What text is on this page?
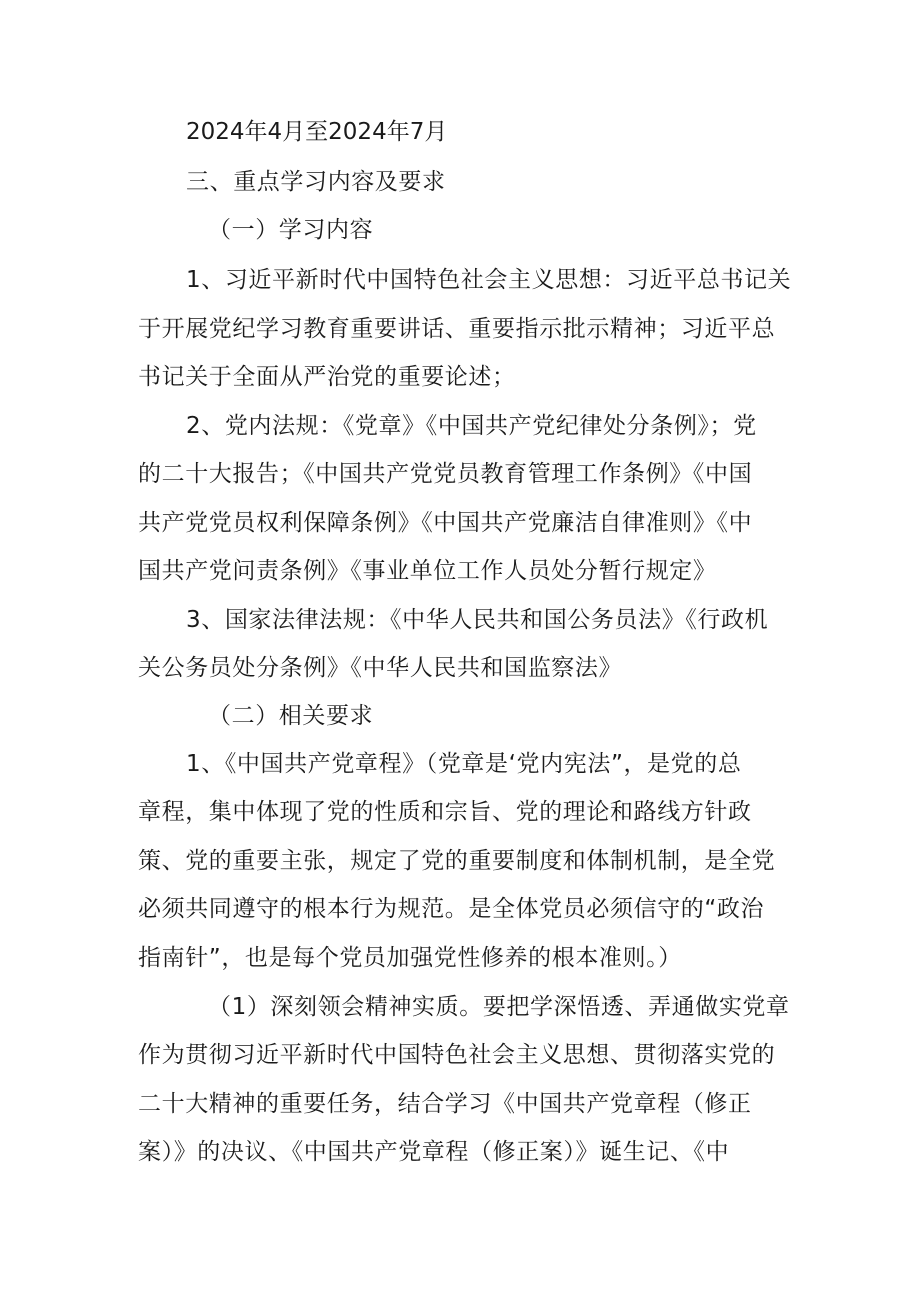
2024年4月至2024年7月
三、重点学习内容及要求
（一）学习内容
1、习近平新时代中国特色社会主义思想：习近平总书记关
于开展党纪学习教育重要讲话、重要指示批示精神；习近平总
书记关于全面从严治党的重要论述；
2、党内法规：《党章》《中国共产党纪律处分条例》；党
的二十大报告；《中国共产党党员教育管理工作条例》《中国
共产党党员权利保障条例》《中国共产党廉洁自律准则》《中
国共产党问责条例》《事业单位工作人员处分暂行规定》
3、国家法律法规：《中华人民共和国公务员法》《行政机
关公务员处分条例》《中华人民共和国监察法》
（二）相关要求
1、《中国共产党章程》（党章是‘党内宪法”，是党的总
章程，集中体现了党的性质和宗旨、党的理论和路线方针政
策、党的重要主张，规定了党的重要制度和体制机制，是全党
必须共同遵守的根本行为规范。是全体党员必须信守的“政治
指南针”，也是每个党员加强党性修养的根本准则。）
（1）深刻领会精神实质。要把学深悟透、弄通做实党章
作为贯彻习近平新时代中国特色社会主义思想、贯彻落实党的
二十大精神的重要任务，结合学习《中国共产党章程（修正
案）》的决议、《中国共产党章程（修正案）》诞生记、《中
